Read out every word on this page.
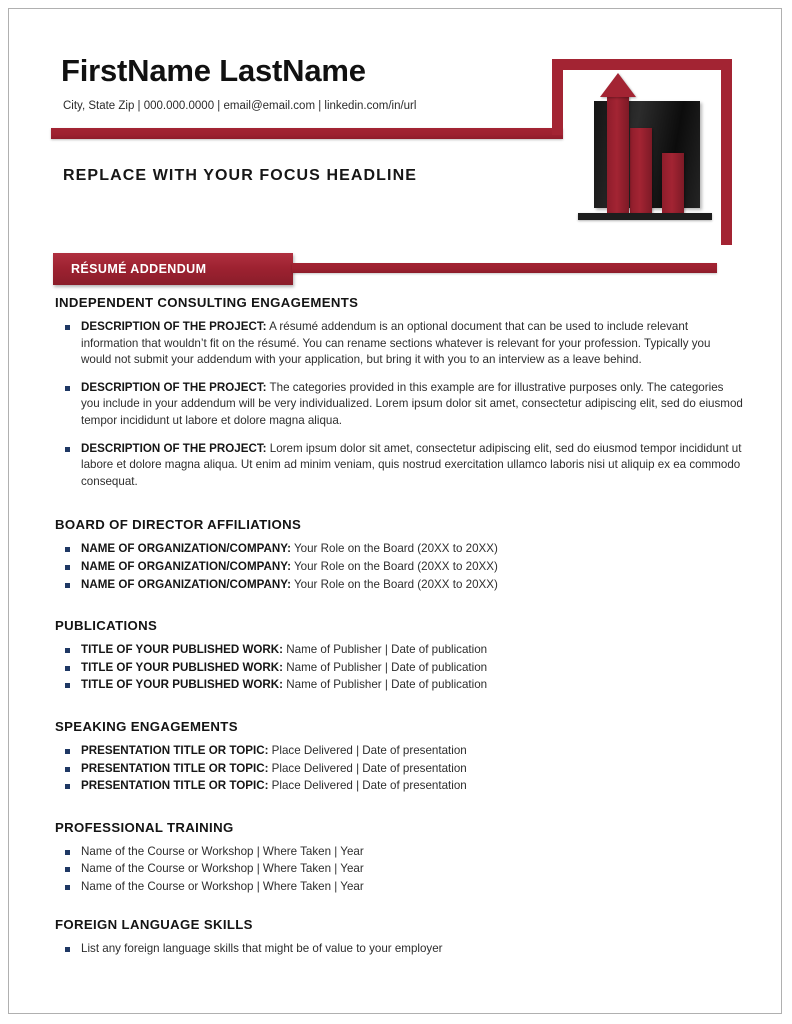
FirstName LastName
City, State Zip | 000.000.0000 | email@email.com | linkedin.com/in/url
REPLACE WITH YOUR FOCUS HEADLINE
RÉSUMÉ ADDENDUM
INDEPENDENT CONSULTING ENGAGEMENTS
DESCRIPTION OF THE PROJECT: A résumé addendum is an optional document that can be used to include relevant information that wouldn’t fit on the résumé. You can rename sections whatever is relevant for your profession. Typically you would not submit your addendum with your application, but bring it with you to an interview as a leave behind.
DESCRIPTION OF THE PROJECT: The categories provided in this example are for illustrative purposes only. The categories you include in your addendum will be very individualized. Lorem ipsum dolor sit amet, consectetur adipiscing elit, sed do eiusmod tempor incididunt ut labore et dolore magna aliqua.
DESCRIPTION OF THE PROJECT: Lorem ipsum dolor sit amet, consectetur adipiscing elit, sed do eiusmod tempor incididunt ut labore et dolore magna aliqua. Ut enim ad minim veniam, quis nostrud exercitation ullamco laboris nisi ut aliquip ex ea commodo consequat.
BOARD OF DIRECTOR AFFILIATIONS
NAME OF ORGANIZATION/COMPANY: Your Role on the Board (20XX to 20XX)
NAME OF ORGANIZATION/COMPANY: Your Role on the Board (20XX to 20XX)
NAME OF ORGANIZATION/COMPANY: Your Role on the Board (20XX to 20XX)
PUBLICATIONS
TITLE OF YOUR PUBLISHED WORK: Name of Publisher | Date of publication
TITLE OF YOUR PUBLISHED WORK: Name of Publisher | Date of publication
TITLE OF YOUR PUBLISHED WORK: Name of Publisher | Date of publication
SPEAKING ENGAGEMENTS
PRESENTATION TITLE OR TOPIC: Place Delivered | Date of presentation
PRESENTATION TITLE OR TOPIC: Place Delivered | Date of presentation
PRESENTATION TITLE OR TOPIC: Place Delivered | Date of presentation
PROFESSIONAL TRAINING
Name of the Course or Workshop | Where Taken | Year
Name of the Course or Workshop | Where Taken | Year
Name of the Course or Workshop | Where Taken | Year
FOREIGN LANGUAGE SKILLS
List any foreign language skills that might be of value to your employer
